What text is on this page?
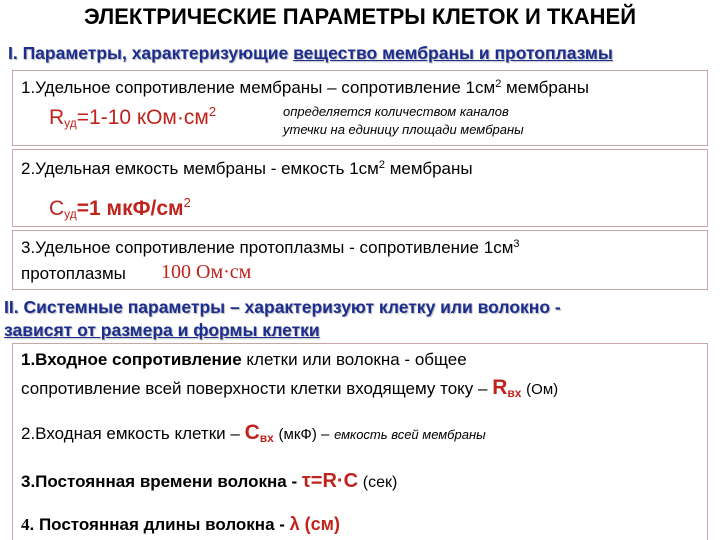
ЭЛЕКТРИЧЕСКИЕ ПАРАМЕТРЫ КЛЕТОК И ТКАНЕЙ
I. Параметры, характеризующие вещество мембраны и протоплазмы
1.Удельное сопротивление мембраны – сопротивление $1см^2$ мембраны
$R_{уд}=1-10$ $кОм\cdot см^2$	определяется количеством каналов
утечки на единицу площади мембраны
2.Удельная емкость мембраны - емкость $1см^2$ мембраны
$С_{уд}=1$ мкФ/$см^2$
3.Удельное сопротивление протоплазмы - сопротивление $1см^3$
протоплазмы 100 Ом·см
II. Системные параметры – характеризуют клетку или волокно -
зависят от размера и формы клетки
1.Входное сопротивление клетки или волокна - общее
сопротивление всей поверхности клетки входящему току – $R_{вх}$ (Ом)
2.Входная емкость клетки – $С_{вх}$ (мкФ) – емкость всей мембраны
3.Постоянная времени волокна - τ=R·C (сек)
4. Постоянная длины волокна - λ (см)
